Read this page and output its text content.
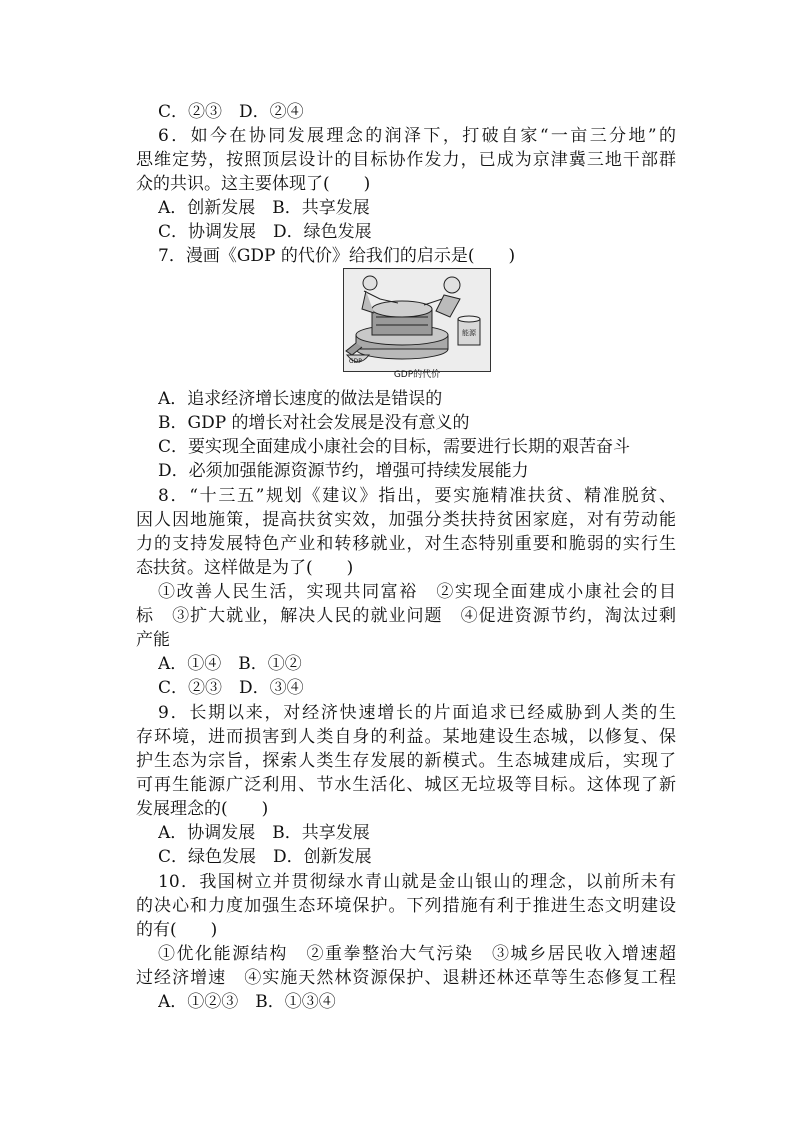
C．②③　D．②④
6．如今在协同发展理念的润泽下，打破自家“一亩三分地”的
思维定势，按照顶层设计的目标协作发力，已成为京津冀三地干部群
众的共识。这主要体现了(　　)
A．创新发展　B．共享发展
C．协调发展　D．绿色发展
7．漫画《GDP 的代价》给我们的启示是(　　)
能源
GDP
GDP的代价
A．追求经济增长速度的做法是错误的
B．GDP 的增长对社会发展是没有意义的
C．要实现全面建成小康社会的目标，需要进行长期的艰苦奋斗
D．必须加强能源资源节约，增强可持续发展能力
8．“十三五”规划《建议》指出，要实施精准扶贫、精准脱贫、
因人因地施策，提高扶贫实效，加强分类扶持贫困家庭，对有劳动能
力的支持发展特色产业和转移就业，对生态特别重要和脆弱的实行生
态扶贫。这样做是为了(　　)
①改善人民生活，实现共同富裕　②实现全面建成小康社会的目
标　③扩大就业，解决人民的就业问题　④促进资源节约，淘汰过剩
产能
A．①④　B．①②
C．②③　D．③④
9．长期以来，对经济快速增长的片面追求已经威胁到人类的生
存环境，进而损害到人类自身的利益。某地建设生态城，以修复、保
护生态为宗旨，探索人类生存发展的新模式。生态城建成后，实现了
可再生能源广泛利用、节水生活化、城区无垃圾等目标。这体现了新
发展理念的(　　)
A．协调发展　B．共享发展
C．绿色发展　D．创新发展
10．我国树立并贯彻绿水青山就是金山银山的理念，以前所未有
的决心和力度加强生态环境保护。下列措施有利于推进生态文明建设
的有(　　)
①优化能源结构　②重拳整治大气污染　③城乡居民收入增速超
过经济增速　④实施天然林资源保护、退耕还林还草等生态修复工程
A．①②③　B．①③④
